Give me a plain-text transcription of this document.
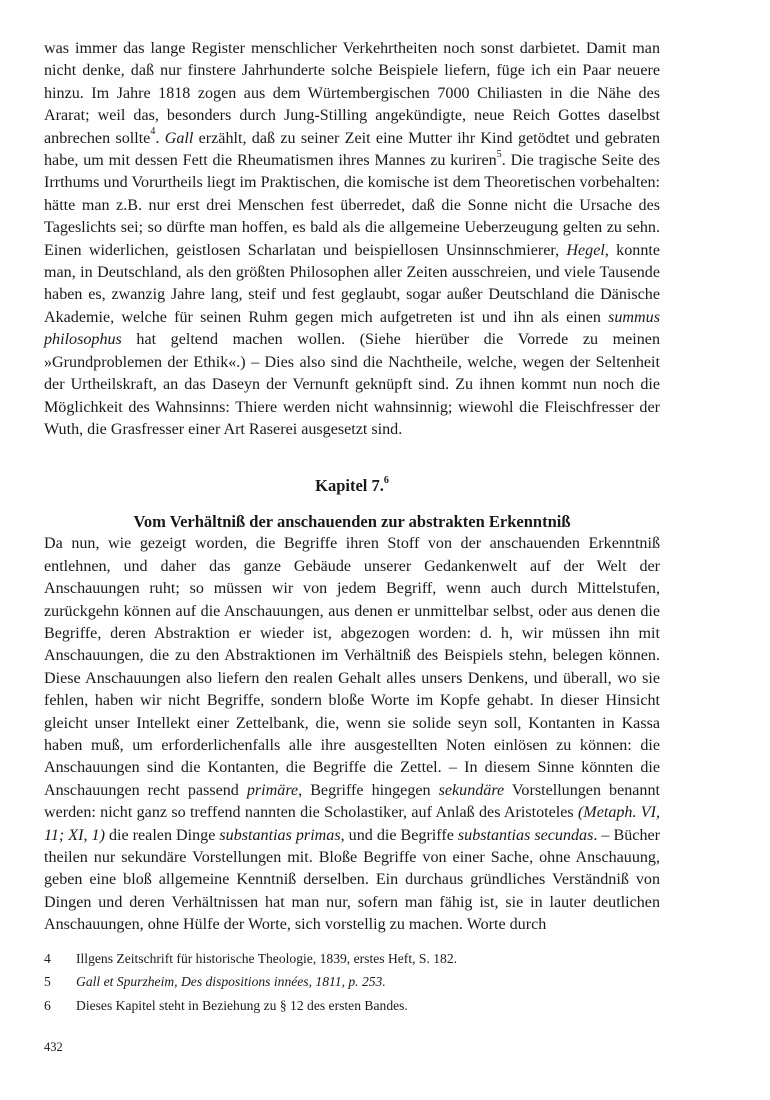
was immer das lange Register menschlicher Verkehrtheiten noch sonst darbietet. Damit man nicht denke, daß nur finstere Jahrhunderte solche Beispiele liefern, füge ich ein Paar neuere hinzu. Im Jahre 1818 zogen aus dem Würtembergischen 7000 Chiliasten in die Nähe des Ararat; weil das, besonders durch Jung-Stilling angekündigte, neue Reich Gottes daselbst anbrechen sollte$^4$. Gall erzählt, daß zu seiner Zeit eine Mutter ihr Kind getödtet und gebraten habe, um mit dessen Fett die Rheumatismen ihres Mannes zu kuriren$^5$. Die tragische Seite des Irrthums und Vorurtheils liegt im Praktischen, die komische ist dem Theoretischen vorbehalten: hätte man z.B. nur erst drei Menschen fest überredet, daß die Sonne nicht die Ursache des Tageslichts sei; so dürfte man hoffen, es bald als die allgemeine Ueberzeugung gelten zu sehn. Einen widerlichen, geistlosen Scharlatan und beispiellosen Unsinnschmierer, Hegel, konnte man, in Deutschland, als den größten Philosophen aller Zeiten ausschreien, und viele Tausende haben es, zwanzig Jahre lang, steif und fest geglaubt, sogar außer Deutschland die Dänische Akademie, welche für seinen Ruhm gegen mich aufgetreten ist und ihn als einen summus philosophus hat geltend machen wollen. (Siehe hierüber die Vorrede zu meinen »Grundproblemen der Ethik«.) – Dies also sind die Nachtheile, welche, wegen der Seltenheit der Urtheilskraft, an das Daseyn der Vernunft geknüpft sind. Zu ihnen kommt nun noch die Möglichkeit des Wahnsinns: Thiere werden nicht wahnsinnig; wiewohl die Fleischfresser der Wuth, die Grasfresser einer Art Raserei ausgesetzt sind.

Kapitel 7.$^6$
Vom Verhältniß der anschauenden zur abstrakten Erkenntniß

Da nun, wie gezeigt worden, die Begriffe ihren Stoff von der anschauenden Erkenntniß entlehnen, und daher das ganze Gebäude unserer Gedankenwelt auf der Welt der Anschauungen ruht; so müssen wir von jedem Begriff, wenn auch durch Mittelstufen, zurückgehn können auf die Anschauungen, aus denen er unmittelbar selbst, oder aus denen die Begriffe, deren Abstraktion er wieder ist, abgezogen worden: d. h, wir müssen ihn mit Anschauungen, die zu den Abstraktionen im Verhältniß des Beispiels stehn, belegen können. Diese Anschauungen also liefern den realen Gehalt alles unsers Denkens, und überall, wo sie fehlen, haben wir nicht Begriffe, sondern bloße Worte im Kopfe gehabt. In dieser Hinsicht gleicht unser Intellekt einer Zettelbank, die, wenn sie solide seyn soll, Kontanten in Kassa haben muß, um erforderlichenfalls alle ihre ausgestellten Noten einlösen zu können: die Anschauungen sind die Kontanten, die Begriffe die Zettel. – In diesem Sinne könnten die Anschauungen recht passend primäre, Begriffe hingegen sekundäre Vorstellungen benannt werden: nicht ganz so treffend nannten die Scholastiker, auf Anlaß des Aristoteles (Metaph. VI, 11; XI, 1) die realen Dinge substantias primas, und die Begriffe substantias secundas. – Bücher theilen nur sekundäre Vorstellungen mit. Bloße Begriffe von einer Sache, ohne Anschauung, geben eine bloß allgemeine Kenntniß derselben. Ein durchaus gründliches Verständniß von Dingen und deren Verhältnissen hat man nur, sofern man fähig ist, sie in lauter deutlichen Anschauungen, ohne Hülfe der Worte, sich vorstellig zu machen. Worte durch

4	Illgens Zeitschrift für historische Theologie, 1839, erstes Heft, S. 182.
5	Gall et Spurzheim, Des dispositions innées, 1811, p. 253.
6	Dieses Kapitel steht in Beziehung zu § 12 des ersten Bandes.
432
